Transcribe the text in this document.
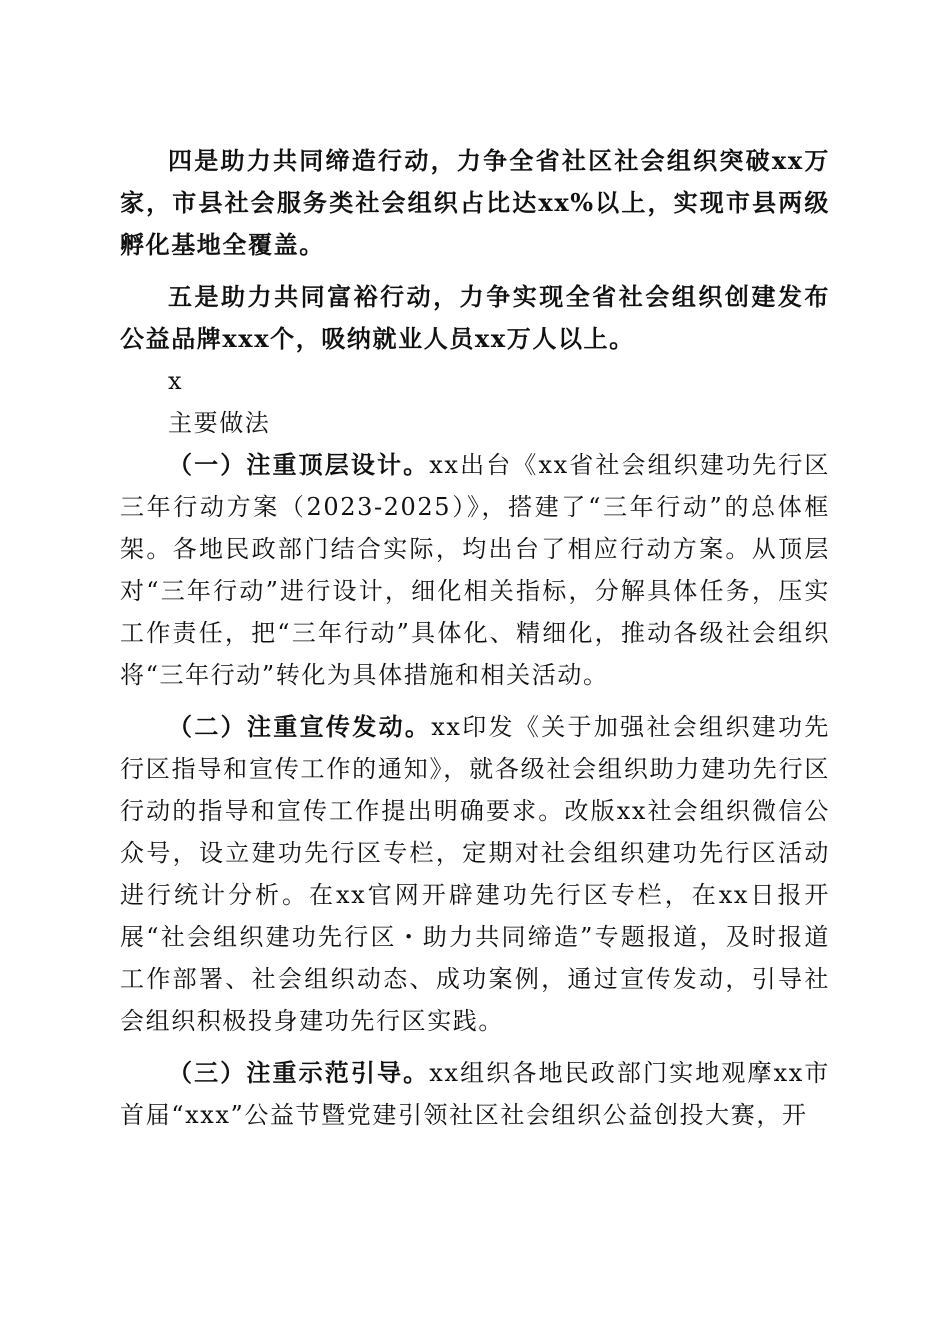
四是助力共同缔造行动，力争全省社区社会组织突破xx万家，市县社会服务类社会组织占比达xx%以上，实现市县两级孵化基地全覆盖。

五是助力共同富裕行动，力争实现全省社会组织创建发布公益品牌xxx个，吸纳就业人员xx万人以上。

x

主要做法

（一）注重顶层设计。xx出台《xx省社会组织建功先行区三年行动方案（2023-2025）》，搭建了“三年行动”的总体框架。各地民政部门结合实际，均出台了相应行动方案。从顶层对“三年行动”进行设计，细化相关指标，分解具体任务，压实工作责任，把“三年行动”具体化、精细化，推动各级社会组织将“三年行动”转化为具体措施和相关活动。

（二）注重宣传发动。xx印发《关于加强社会组织建功先行区指导和宣传工作的通知》，就各级社会组织助力建功先行区行动的指导和宣传工作提出明确要求。改版xx社会组织微信公众号，设立建功先行区专栏，定期对社会组织建功先行区活动进行统计分析。在xx官网开辟建功先行区专栏，在xx日报开展“社会组织建功先行区・助力共同缔造”专题报道，及时报道工作部署、社会组织动态、成功案例，通过宣传发动，引导社会组织积极投身建功先行区实践。

（三）注重示范引导。xx组织各地民政部门实地观摩xx市首届“xxx”公益节暨党建引领社区社会组织公益创投大赛，开
